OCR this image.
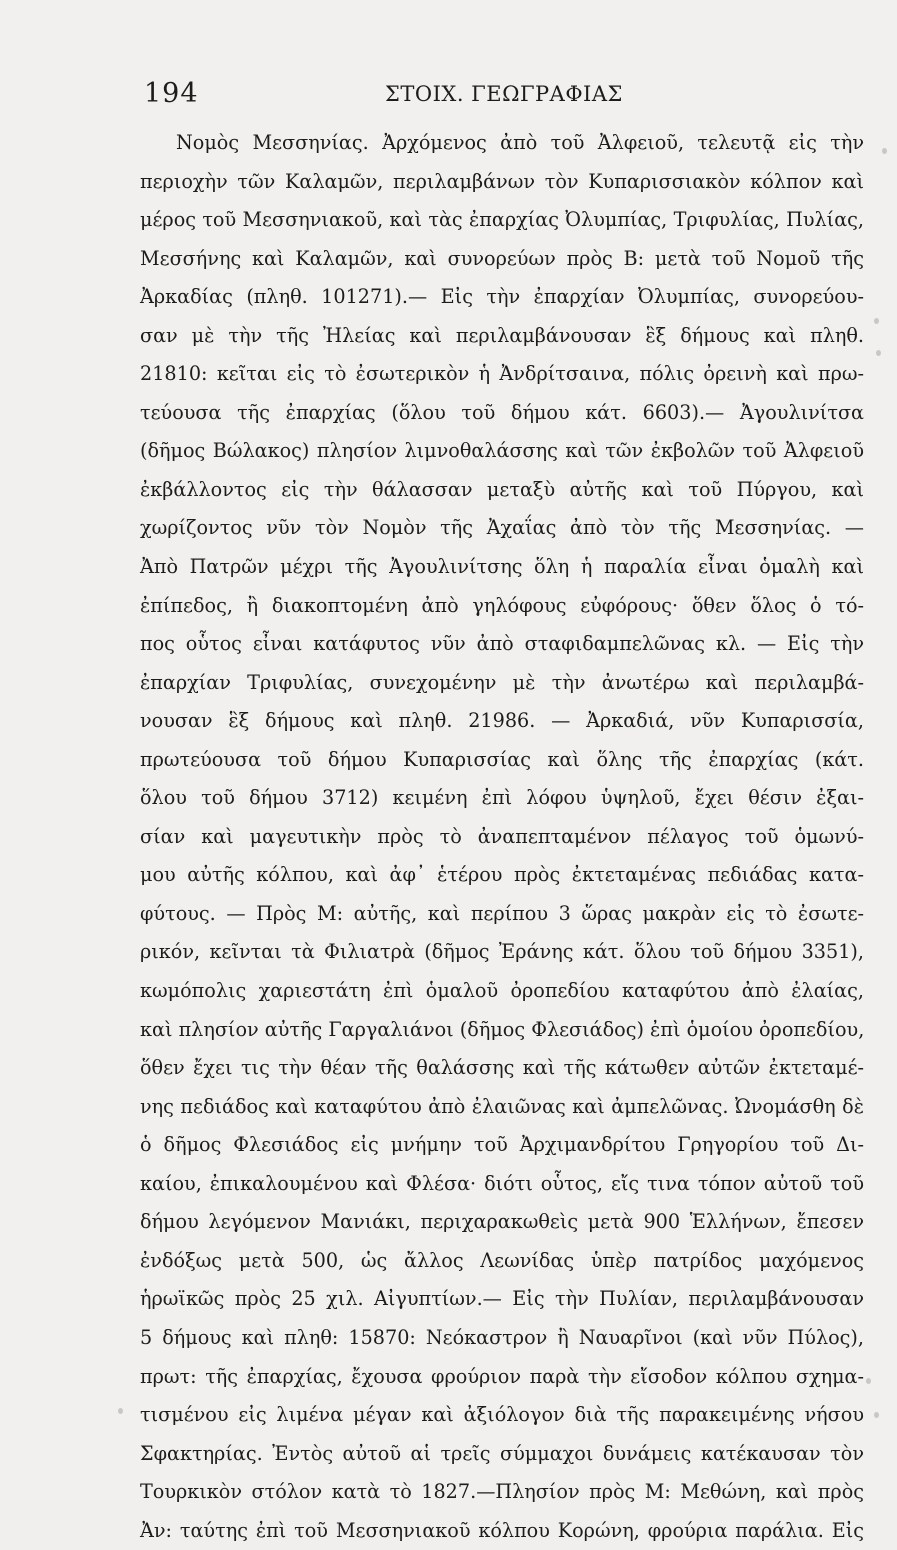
194	ΣΤΟΙΧ. ΓΕΩΓΡΑΦΙΑΣ
Νομὸς Μεσσηνίας. Ἀρχόμενος ἀπὸ τοῦ Ἀλφειοῦ, τελευτᾷ εἰς τὴν
περιοχὴν τῶν Καλαμῶν, περιλαμβάνων τὸν Κυπαρισσιακὸν κόλπον καὶ
μέρος τοῦ Μεσσηνιακοῦ, καὶ τὰς ἐπαρχίας Ὀλυμπίας, Τριφυλίας, Πυλίας,
Μεσσήνης καὶ Καλαμῶν, καὶ συνορεύων πρὸς Β: μετὰ τοῦ Νομοῦ τῆς
Ἀρκαδίας (πληθ. 101271).— Εἰς τὴν ἐπαρχίαν Ὀλυμπίας, συνορεύου-
σαν μὲ τὴν τῆς Ἠλείας καὶ περιλαμβάνουσαν ἓξ δήμους καὶ πληθ.
21810: κεῖται εἰς τὸ ἐσωτερικὸν ἡ Ἀνδρίτσαινα, πόλις ὀρεινὴ καὶ πρω-
τεύουσα τῆς ἐπαρχίας (ὅλου τοῦ δήμου κάτ. 6603).— Ἀγουλινίτσα
(δῆμος Βώλακος) πλησίον λιμνοθαλάσσης καὶ τῶν ἐκβολῶν τοῦ Ἀλφειοῦ
ἐκβάλλοντος εἰς τὴν θάλασσαν μεταξὺ αὐτῆς καὶ τοῦ Πύργου, καὶ
χωρίζοντος νῦν τὸν Νομὸν τῆς Ἀχαΐας ἀπὸ τὸν τῆς Μεσσηνίας. —
Ἀπὸ Πατρῶν μέχρι τῆς Ἀγουλινίτσης ὅλη ἡ παραλία εἶναι ὁμαλὴ καὶ
ἐπίπεδος, ἢ διακοπτομένη ἀπὸ γηλόφους εὐφόρους· ὅθεν ὅλος ὁ τό-
πος οὗτος εἶναι κατάφυτος νῦν ἀπὸ σταφιδαμπελῶνας κλ. — Εἰς τὴν
ἐπαρχίαν Τριφυλίας, συνεχομένην μὲ τὴν ἀνωτέρω καὶ περιλαμβά-
νουσαν ἓξ δήμους καὶ πληθ. 21986. — Ἀρκαδιά, νῦν Κυπαρισσία,
πρωτεύουσα τοῦ δήμου Κυπαρισσίας καὶ ὅλης τῆς ἐπαρχίας (κάτ.
ὅλου τοῦ δήμου 3712) κειμένη ἐπὶ λόφου ὑψηλοῦ, ἔχει θέσιν ἐξαι-
σίαν καὶ μαγευτικὴν πρὸς τὸ ἀναπεπταμένον πέλαγος τοῦ ὁμωνύ-
μου αὐτῆς κόλπου, καὶ ἀφ᾽ ἑτέρου πρὸς ἐκτεταμένας πεδιάδας κατα-
φύτους. — Πρὸς Μ: αὐτῆς, καὶ περίπου 3 ὥρας μακρὰν εἰς τὸ ἐσωτε-
ρικόν, κεῖνται τὰ Φιλιατρὰ (δῆμος Ἐράνης κάτ. ὅλου τοῦ δήμου 3351),
κωμόπολις χαριεστάτη ἐπὶ ὁμαλοῦ ὀροπεδίου καταφύτου ἀπὸ ἐλαίας,
καὶ πλησίον αὐτῆς Γαργαλιάνοι (δῆμος Φλεσιάδος) ἐπὶ ὁμοίου ὀροπεδίου,
ὅθεν ἔχει τις τὴν θέαν τῆς θαλάσσης καὶ τῆς κάτωθεν αὐτῶν ἐκτεταμέ-
νης πεδιάδος καὶ καταφύτου ἀπὸ ἐλαιῶνας καὶ ἀμπελῶνας. Ὠνομάσθη δὲ
ὁ δῆμος Φλεσιάδος εἰς μνήμην τοῦ Ἀρχιμανδρίτου Γρηγορίου τοῦ Δι-
καίου, ἐπικαλουμένου καὶ Φλέσα· διότι οὗτος, εἴς τινα τόπον αὐτοῦ τοῦ
δήμου λεγόμενον Μανιάκι, περιχαρακωθεὶς μετὰ 900 Ἑλλήνων, ἔπεσεν
ἐνδόξως μετὰ 500, ὡς ἄλλος Λεωνίδας ὑπὲρ πατρίδος μαχόμενος
ἡρωϊκῶς πρὸς 25 χιλ. Αἰγυπτίων.— Εἰς τὴν Πυλίαν, περιλαμβάνουσαν
5 δήμους καὶ πληθ: 15870: Νεόκαστρον ἢ Ναυαρῖνοι (καὶ νῦν Πύλος),
πρωτ: τῆς ἐπαρχίας, ἔχουσα φρούριον παρὰ τὴν εἴσοδον κόλπου σχημα-
τισμένου εἰς λιμένα μέγαν καὶ ἀξιόλογον διὰ τῆς παρακειμένης νήσου
Σφακτηρίας. Ἐντὸς αὐτοῦ αἱ τρεῖς σύμμαχοι δυνάμεις κατέκαυσαν τὸν
Τουρκικὸν στόλον κατὰ τὸ 1827.—Πλησίον πρὸς Μ: Μεθώνη, καὶ πρὸς
Ἀν: ταύτης ἐπὶ τοῦ Μεσσηνιακοῦ κόλπου Κορώνη, φρούρια παράλια. Εἰς
